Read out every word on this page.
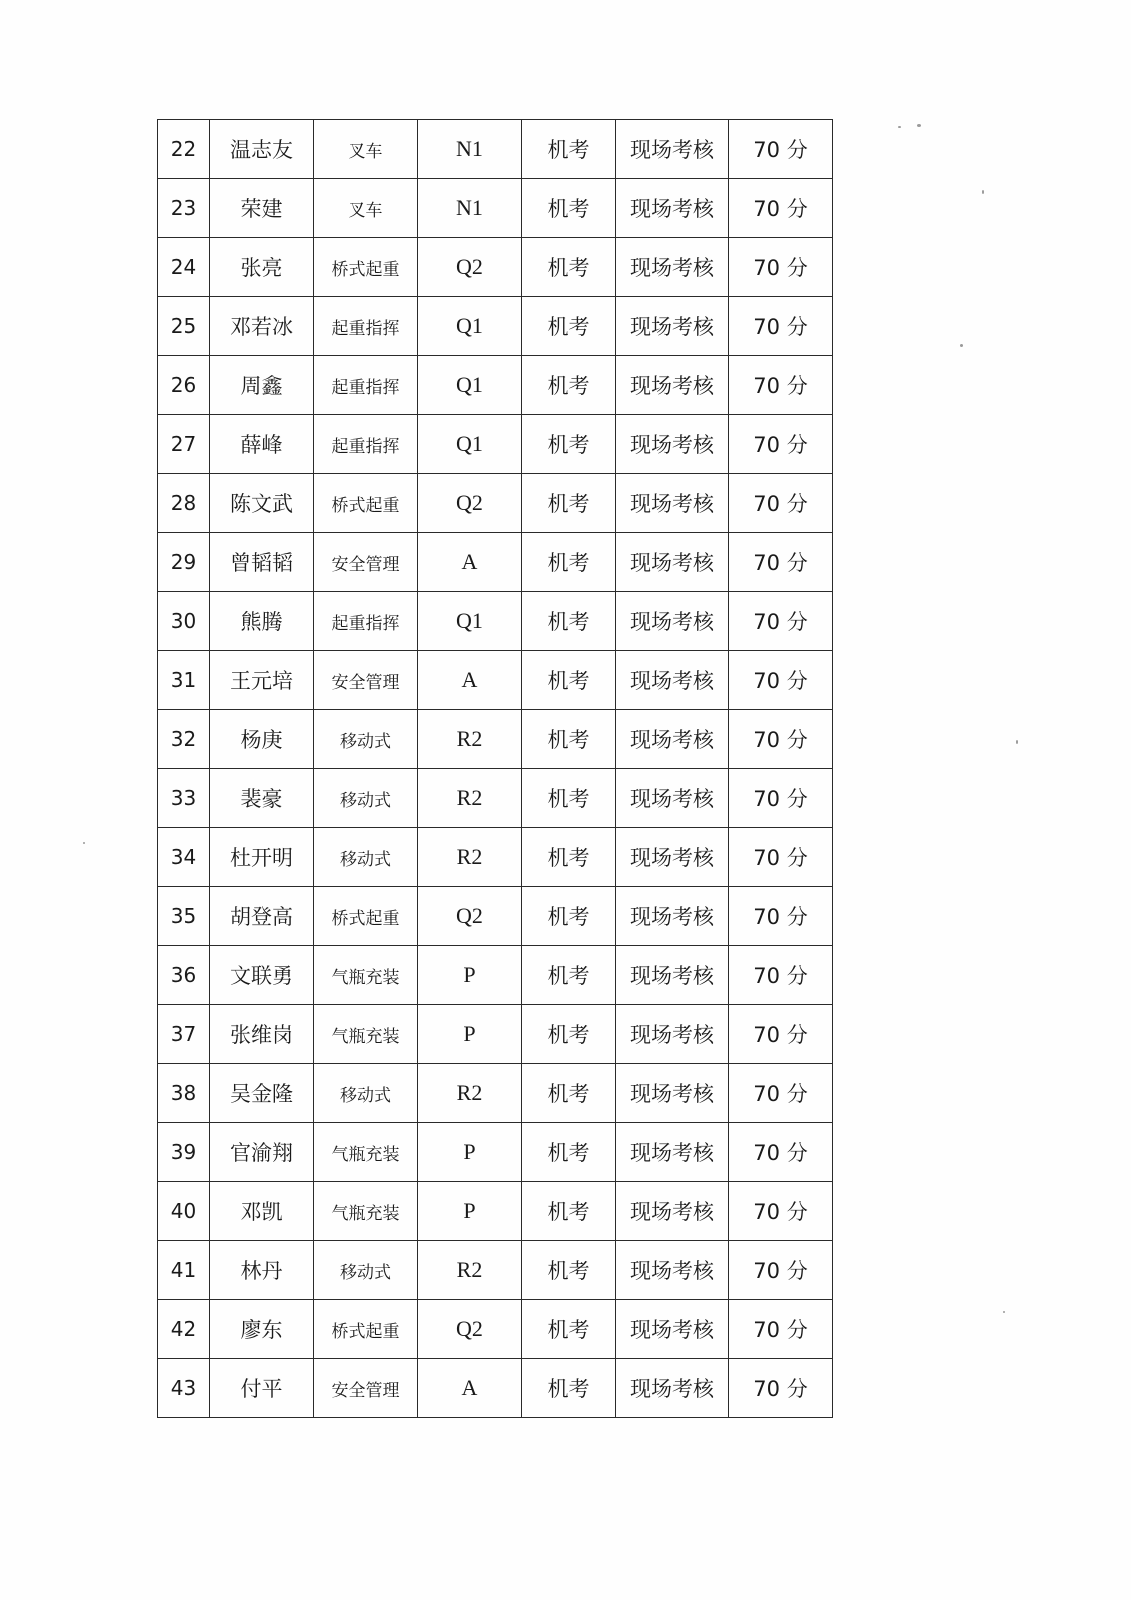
22	温志友	叉车	N1	机考	现场考核	70 分
23	荣建	叉车	N1	机考	现场考核	70 分
24	张亮	桥式起重	Q2	机考	现场考核	70 分
25	邓若冰	起重指挥	Q1	机考	现场考核	70 分
26	周鑫	起重指挥	Q1	机考	现场考核	70 分
27	薛峰	起重指挥	Q1	机考	现场考核	70 分
28	陈文武	桥式起重	Q2	机考	现场考核	70 分
29	曾韬韬	安全管理	A	机考	现场考核	70 分
30	熊腾	起重指挥	Q1	机考	现场考核	70 分
31	王元培	安全管理	A	机考	现场考核	70 分
32	杨庚	移动式	R2	机考	现场考核	70 分
33	裴豪	移动式	R2	机考	现场考核	70 分
34	杜开明	移动式	R2	机考	现场考核	70 分
35	胡登高	桥式起重	Q2	机考	现场考核	70 分
36	文联勇	气瓶充装	P	机考	现场考核	70 分
37	张维岗	气瓶充装	P	机考	现场考核	70 分
38	吴金隆	移动式	R2	机考	现场考核	70 分
39	官渝翔	气瓶充装	P	机考	现场考核	70 分
40	邓凯	气瓶充装	P	机考	现场考核	70 分
41	林丹	移动式	R2	机考	现场考核	70 分
42	廖东	桥式起重	Q2	机考	现场考核	70 分
43	付平	安全管理	A	机考	现场考核	70 分
